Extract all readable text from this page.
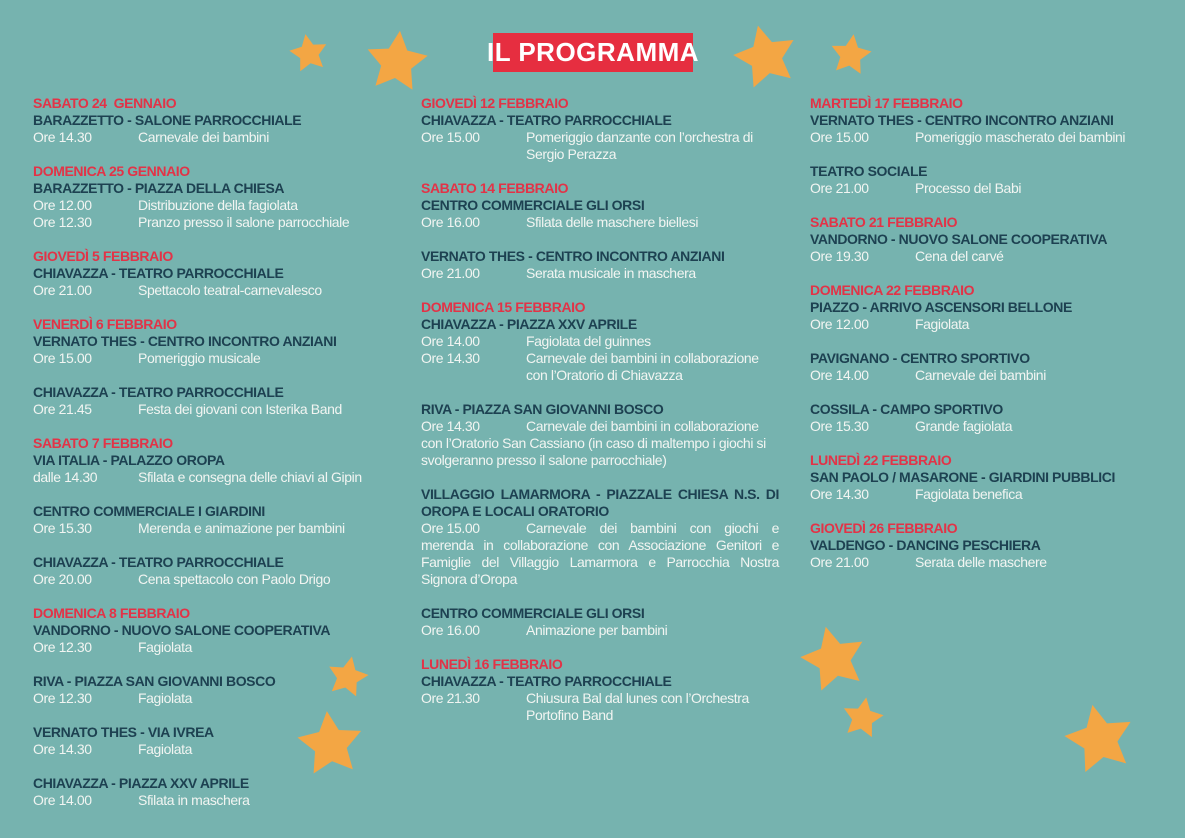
IL PROGRAMMA
SABATO 24  GENNAIO
BARAZZETTO - SALONE PARROCCHIALE
Ore 14.30	Carnevale dei bambini
DOMENICA 25 GENNAIO
BARAZZETTO - PIAZZA DELLA CHIESA
Ore 12.00	Distribuzione della fagiolata
Ore 12.30	Pranzo presso il salone parrocchiale
GIOVEDÌ 5 FEBBRAIO
CHIAVAZZA - TEATRO PARROCCHIALE
Ore 21.00	Spettacolo teatral-carnevalesco
VENERDÌ 6 FEBBRAIO
VERNATO THES - CENTRO INCONTRO ANZIANI
Ore 15.00	Pomeriggio musicale
CHIAVAZZA - TEATRO PARROCCHIALE
Ore 21.45	Festa dei giovani con Isterika Band
SABATO 7 FEBBRAIO
VIA ITALIA - PALAZZO OROPA
dalle 14.30	Sfilata e consegna delle chiavi al Gipin
CENTRO COMMERCIALE I GIARDINI
Ore 15.30	Merenda e animazione per bambini
CHIAVAZZA - TEATRO PARROCCHIALE
Ore 20.00	Cena spettacolo con Paolo Drigo
DOMENICA 8 FEBBRAIO
VANDORNO - NUOVO SALONE COOPERATIVA
Ore 12.30	Fagiolata
RIVA - PIAZZA SAN GIOVANNI BOSCO
Ore 12.30	Fagiolata
VERNATO THES - VIA IVREA
Ore 14.30	Fagiolata
CHIAVAZZA - PIAZZA XXV APRILE
Ore 14.00	Sfilata in maschera
GIOVEDÌ 12 FEBBRAIO
CHIAVAZZA - TEATRO PARROCCHIALE
Ore 15.00	Pomeriggio danzante con l’orchestra di Sergio Perazza
SABATO 14 FEBBRAIO
CENTRO COMMERCIALE GLI ORSI
Ore 16.00	Sfilata delle maschere biellesi
VERNATO THES - CENTRO INCONTRO ANZIANI
Ore 21.00	Serata musicale in maschera
DOMENICA 15 FEBBRAIO
CHIAVAZZA - PIAZZA XXV APRILE
Ore 14.00	Fagiolata del guinnes
Ore 14.30	Carnevale dei bambini in collaborazione con l’Oratorio di Chiavazza
RIVA - PIAZZA SAN GIOVANNI BOSCO
Ore 14.30	Carnevale dei bambini in collaborazione con l’Oratorio San Cassiano (in caso di maltempo i giochi si svolgeranno presso il salone parrocchiale)
VILLAGGIO LAMARMORA - PIAZZALE CHIESA N.S. DI OROPA E LOCALI ORATORIO
Ore 15.00	Carnevale dei bambini con giochi e merenda in collaborazione con Associazione Genitori e Famiglie del Villaggio Lamarmora e Parrocchia Nostra Signora d’Oropa
CENTRO COMMERCIALE GLI ORSI
Ore 16.00	Animazione per bambini
LUNEDÌ 16 FEBBRAIO
CHIAVAZZA - TEATRO PARROCCHIALE
Ore 21.30	Chiusura Bal dal lunes con l’Orchestra Portofino Band
MARTEDÌ 17 FEBBRAIO
VERNATO THES - CENTRO INCONTRO ANZIANI
Ore 15.00	Pomeriggio mascherato dei bambini
TEATRO SOCIALE
Ore 21.00	Processo del Babi
SABATO 21 FEBBRAIO
VANDORNO - NUOVO SALONE COOPERATIVA
Ore 19.30	Cena del carvé
DOMENICA 22 FEBBRAIO
PIAZZO - ARRIVO ASCENSORI BELLONE
Ore 12.00	Fagiolata
PAVIGNANO - CENTRO SPORTIVO
Ore 14.00	Carnevale dei bambini
COSSILA - CAMPO SPORTIVO
Ore 15.30	Grande fagiolata
LUNEDÌ 22 FEBBRAIO
SAN PAOLO / MASARONE - GIARDINI PUBBLICI
Ore 14.30	Fagiolata benefica
GIOVEDÌ 26 FEBBRAIO
VALDENGO - DANCING PESCHIERA
Ore 21.00	Serata delle maschere
